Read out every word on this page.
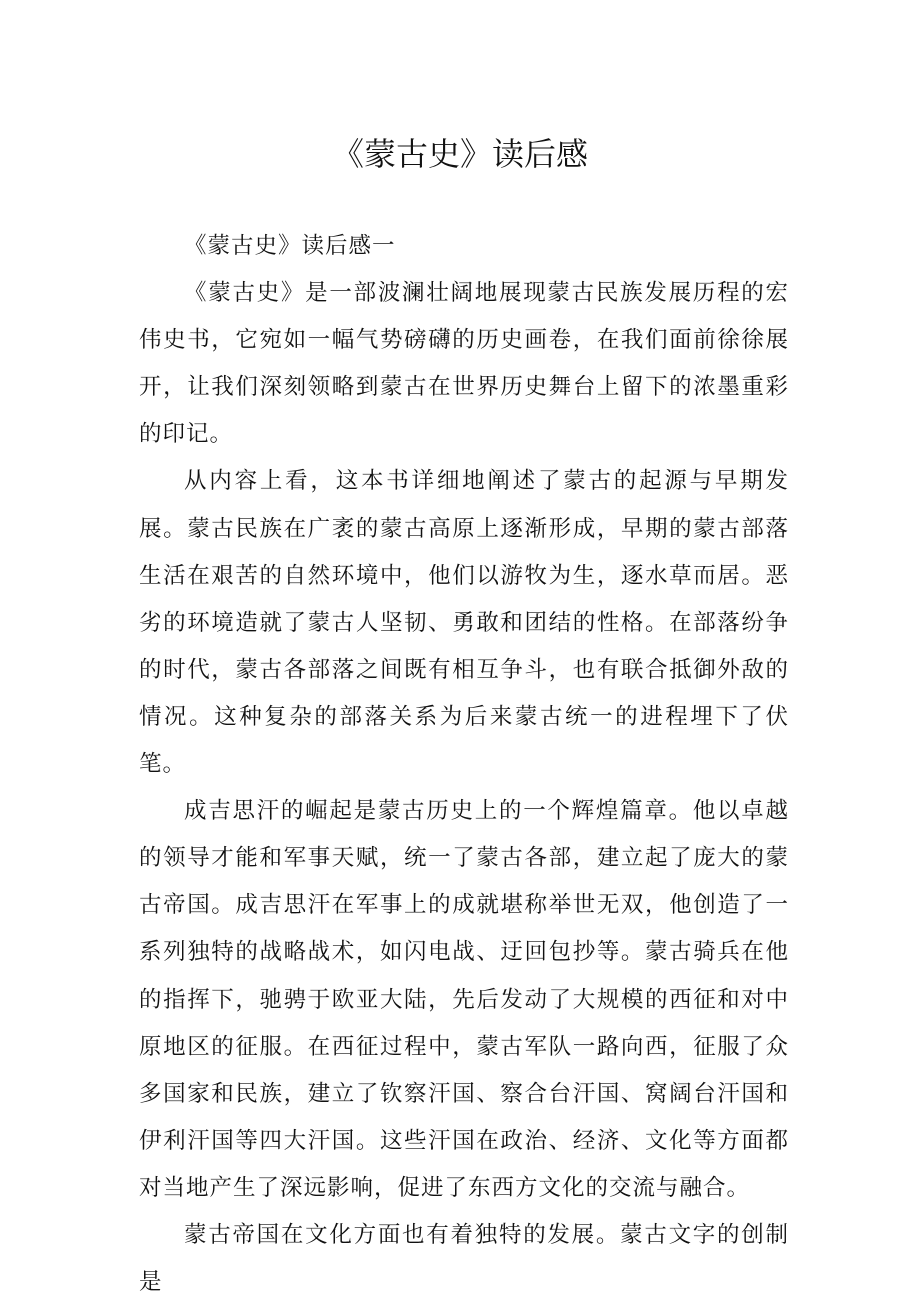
《蒙古史》读后感

《蒙古史》读后感一

《蒙古史》是一部波澜壮阔地展现蒙古民族发展历程的宏伟史书，它宛如一幅气势磅礴的历史画卷，在我们面前徐徐展开，让我们深刻领略到蒙古在世界历史舞台上留下的浓墨重彩的印记。

从内容上看，这本书详细地阐述了蒙古的起源与早期发展。蒙古民族在广袤的蒙古高原上逐渐形成，早期的蒙古部落生活在艰苦的自然环境中，他们以游牧为生，逐水草而居。恶劣的环境造就了蒙古人坚韧、勇敢和团结的性格。在部落纷争的时代，蒙古各部落之间既有相互争斗，也有联合抵御外敌的情况。这种复杂的部落关系为后来蒙古统一的进程埋下了伏笔。

成吉思汗的崛起是蒙古历史上的一个辉煌篇章。他以卓越的领导才能和军事天赋，统一了蒙古各部，建立起了庞大的蒙古帝国。成吉思汗在军事上的成就堪称举世无双，他创造了一系列独特的战略战术，如闪电战、迂回包抄等。蒙古骑兵在他的指挥下，驰骋于欧亚大陆，先后发动了大规模的西征和对中原地区的征服。在西征过程中，蒙古军队一路向西，征服了众多国家和民族，建立了钦察汗国、察合台汗国、窝阔台汗国和伊利汗国等四大汗国。这些汗国在政治、经济、文化等方面都对当地产生了深远影响，促进了东西方文化的交流与融合。

蒙古帝国在文化方面也有着独特的发展。蒙古文字的创制是
